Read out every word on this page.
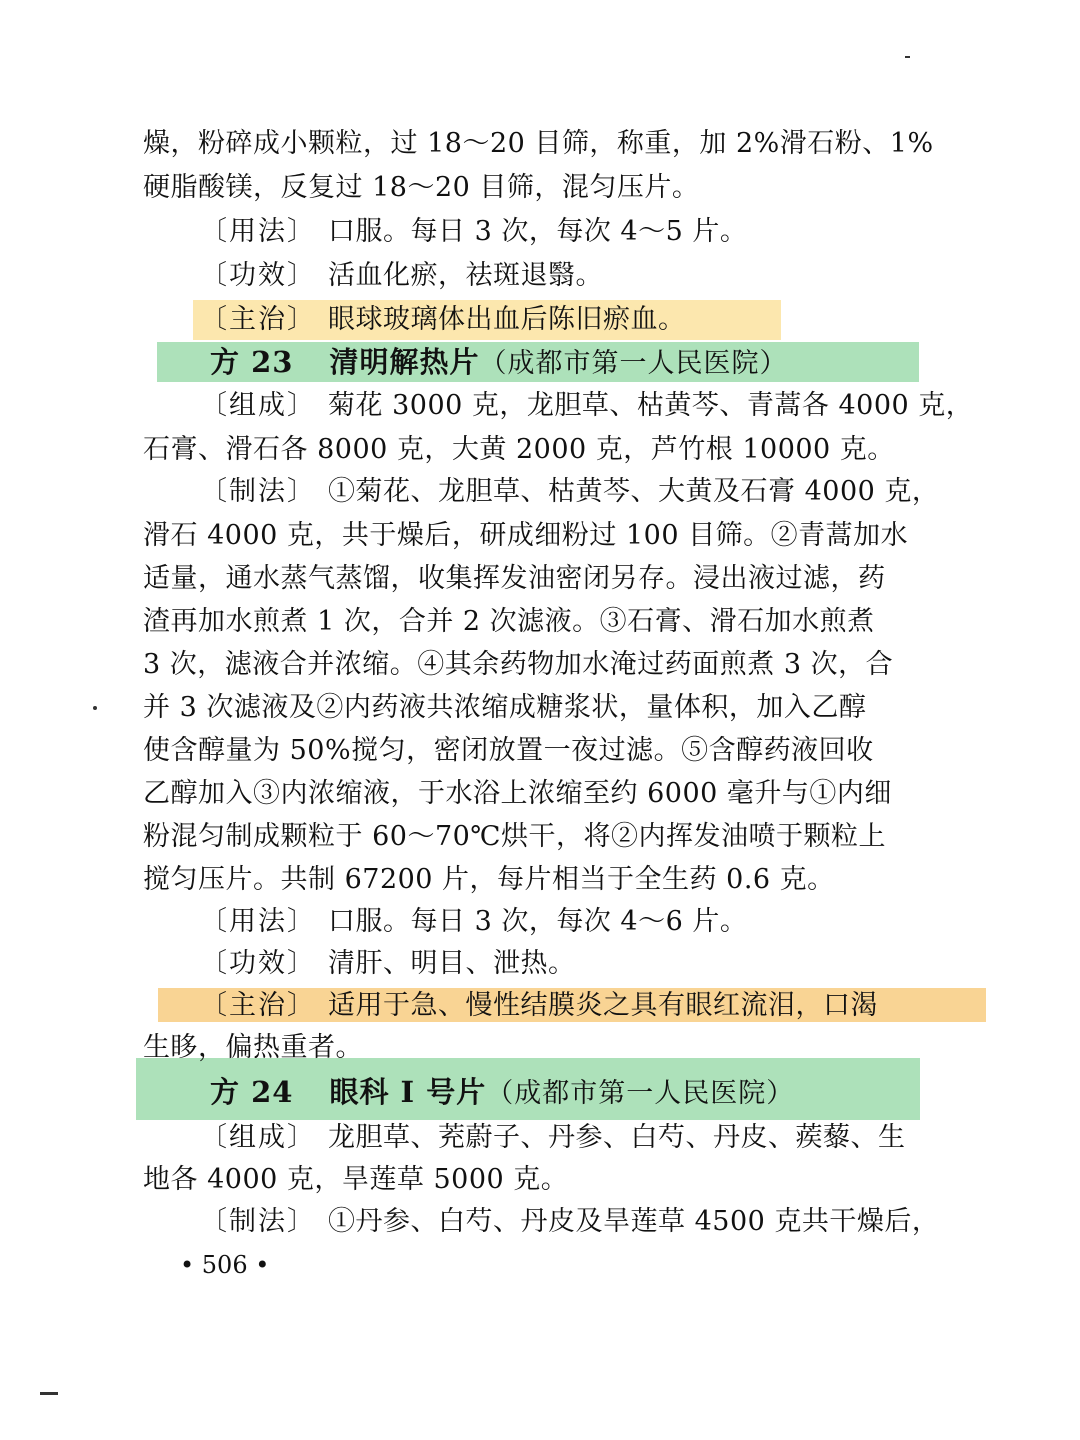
燥，粉碎成小颗粒，过 18～20 目筛，称重，加 2%滑石粉、1%
硬脂酸镁，反复过 18～20 目筛，混匀压片。
〔用法〕 口服。每日 3 次，每次 4～5 片。
〔功效〕 活血化瘀，祛斑退翳。
〔主治〕 眼球玻璃体出血后陈旧瘀血。
方 23 清明解热片（成都市第一人民医院）
〔组成〕 菊花 3000 克，龙胆草、枯黄芩、青蒿各 4000 克，
石膏、滑石各 8000 克，大黄 2000 克，芦竹根 10000 克。
〔制法〕 ①菊花、龙胆草、枯黄芩、大黄及石膏 4000 克，
滑石 4000 克，共于燥后，研成细粉过 100 目筛。②青蒿加水
适量，通水蒸气蒸馏，收集挥发油密闭另存。浸出液过滤，药
渣再加水煎煮 1 次，合并 2 次滤液。③石膏、滑石加水煎煮
3 次，滤液合并浓缩。④其余药物加水淹过药面煎煮 3 次，合
并 3 次滤液及②内药液共浓缩成糖浆状，量体积，加入乙醇
使含醇量为 50%搅匀，密闭放置一夜过滤。⑤含醇药液回收
乙醇加入③内浓缩液，于水浴上浓缩至约 6000 毫升与①内细
粉混匀制成颗粒于 60～70℃烘干，将②内挥发油喷于颗粒上
搅匀压片。共制 67200 片，每片相当于全生药 0.6 克。
〔用法〕 口服。每日 3 次，每次 4～6 片。
〔功效〕 清肝、明目、泄热。
〔主治〕 适用于急、慢性结膜炎之具有眼红流泪，口渴
生眵，偏热重者。
方 24 眼科 I 号片（成都市第一人民医院）
〔组成〕 龙胆草、茺蔚子、丹参、白芍、丹皮、蒺藜、生
地各 4000 克，旱莲草 5000 克。
〔制法〕 ①丹参、白芍、丹皮及旱莲草 4500 克共干燥后，
• 506 •
